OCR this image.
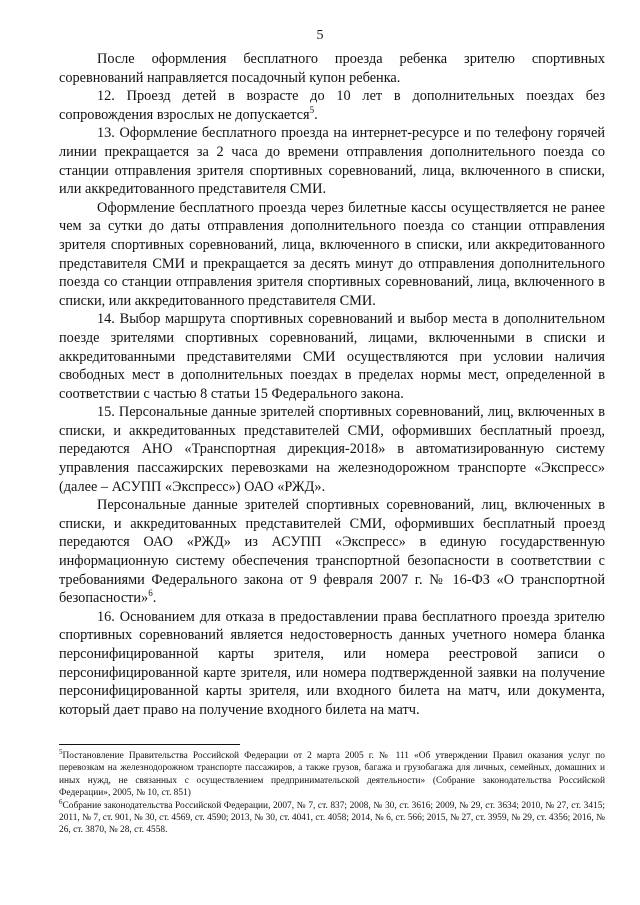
5

После оформления бесплатного проезда ребенка зрителю спортивных соревнований направляется посадочный купон ребенка.

12. Проезд детей в возрасте до 10 лет в дополнительных поездах без сопровождения взрослых не допускается$^5$.

13. Оформление бесплатного проезда на интернет-ресурсе и по телефону горячей линии прекращается за 2 часа до времени отправления дополнительного поезда со станции отправления зрителя спортивных соревнований, лица, включенного в списки, или аккредитованного представителя СМИ.

Оформление бесплатного проезда через билетные кассы осуществляется не ранее чем за сутки до даты отправления дополнительного поезда со станции отправления зрителя спортивных соревнований, лица, включенного в списки, или аккредитованного представителя СМИ и прекращается за десять минут до отправления дополнительного поезда со станции отправления зрителя спортивных соревнований, лица, включенного в списки, или аккредитованного представителя СМИ.

14. Выбор маршрута спортивных соревнований и выбор места в дополнительном поезде зрителями спортивных соревнований, лицами, включенными в списки и аккредитованными представителями СМИ осуществляются при условии наличия свободных мест в дополнительных поездах в пределах нормы мест, определенной в соответствии с частью 8 статьи 15 Федерального закона.

15. Персональные данные зрителей спортивных соревнований, лиц, включенных в списки, и аккредитованных представителей СМИ, оформивших бесплатный проезд, передаются АНО «Транспортная дирекция-2018» в автоматизированную систему управления пассажирских перевозками на железнодорожном транспорте «Экспресс» (далее – АСУПП «Экспресс») ОАО «РЖД».

Персональные данные зрителей спортивных соревнований, лиц, включенных в списки, и аккредитованных представителей СМИ, оформивших бесплатный проезд передаются ОАО «РЖД» из АСУПП «Экспресс» в единую государственную информационную систему обеспечения транспортной безопасности в соответствии с требованиями Федерального закона от 9 февраля 2007 г. № 16-ФЗ «О транспортной безопасности»$^6$.

16. Основанием для отказа в предоставлении права бесплатного проезда зрителю спортивных соревнований является недостоверность данных учетного номера бланка персонифицированной карты зрителя, или номера реестровой записи о персонифицированной карте зрителя, или номера подтвержденной заявки на получение персонифицированной карты зрителя, или входного билета на матч, или документа, который дает право на получение входного билета на матч.

$^5$Постановление Правительства Российской Федерации от 2 марта 2005 г. № 111 «Об утверждении Правил оказания услуг по перевозкам на железнодорожном транспорте пассажиров, а также грузов, багажа и грузобагажа для личных, семейных, домашних и иных нужд, не связанных с осуществлением предпринимательской деятельности» (Собрание законодательства Российской Федерации», 2005, № 10, ст. 851)

$^6$Собрание законодательства Российской Федерации, 2007, № 7, ст. 837; 2008, № 30, ст. 3616; 2009, № 29, ст. 3634; 2010, № 27, ст. 3415; 2011, № 7, ст. 901, № 30, ст. 4569, ст. 4590; 2013, № 30, ст. 4041, ст. 4058; 2014, № 6, ст. 566; 2015, № 27, ст. 3959, № 29, ст. 4356; 2016, № 26, ст. 3870, № 28, ст. 4558.
